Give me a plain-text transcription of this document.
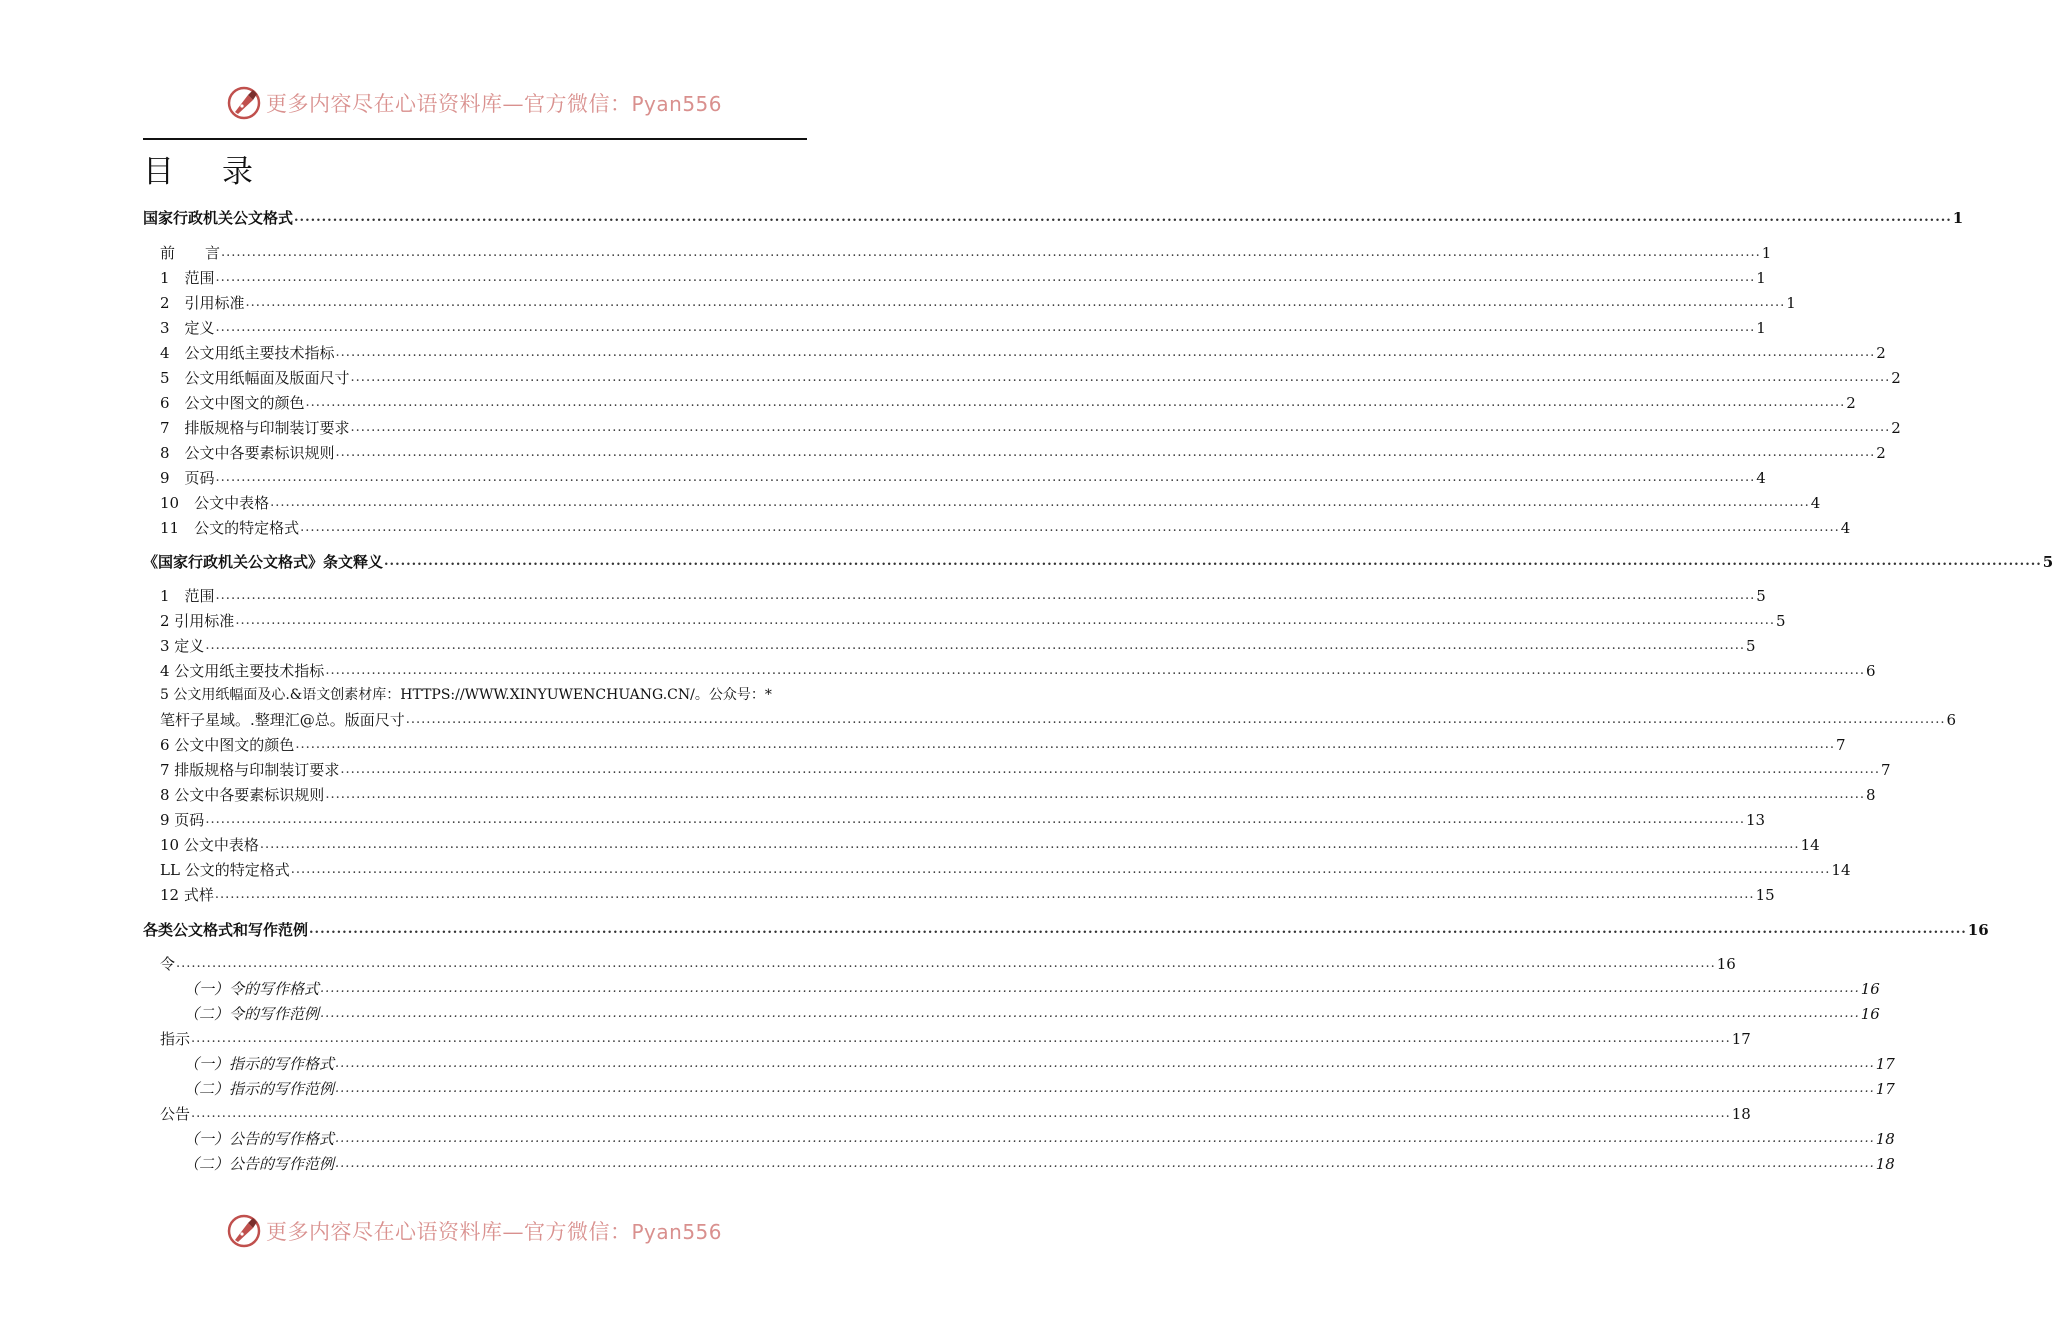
更多内容尽在心语资料库—官方微信：Pyan556
目 录
国家行政机关公文格式 ............................................................................................................................................................................................................................................................................................................ 1
前　　言 ............................................................................................................................................................................................................................................................................................................ 1
1　范围 ............................................................................................................................................................................................................................................................................................................ 1
2　引用标准 ............................................................................................................................................................................................................................................................................................................ 1
3　定义 ............................................................................................................................................................................................................................................................................................................ 1
4　公文用纸主要技术指标 ............................................................................................................................................................................................................................................................................................................ 2
5　公文用纸幅面及版面尺寸 ............................................................................................................................................................................................................................................................................................................ 2
6　公文中图文的颜色 ............................................................................................................................................................................................................................................................................................................ 2
7　排版规格与印制装订要求 ............................................................................................................................................................................................................................................................................................................ 2
8　公文中各要素标识规则 ............................................................................................................................................................................................................................................................................................................ 2
9　页码 ............................................................................................................................................................................................................................................................................................................ 4
10　公文中表格 ............................................................................................................................................................................................................................................................................................................ 4
11　公文的特定格式 ............................................................................................................................................................................................................................................................................................................ 4
《国家行政机关公文格式》条文释义 ............................................................................................................................................................................................................................................................................................................ 5
1　范围 ............................................................................................................................................................................................................................................................................................................ 5
2 引用标准 ............................................................................................................................................................................................................................................................................................................ 5
3 定义 ............................................................................................................................................................................................................................................................................................................ 5
4 公文用纸主要技术指标 ............................................................................................................................................................................................................................................................................................................ 6
5 公文用纸幅面及心.&语文创素材库：HTTPS://WWW.XINYUWENCHUANG.CN/。公众号：*
笔杆子星域。.整理汇@总。版面尺寸 ............................................................................................................................................................................................................................................................................................................ 6
6 公文中图文的颜色 ............................................................................................................................................................................................................................................................................................................ 7
7 排版规格与印制装订要求 ............................................................................................................................................................................................................................................................................................................ 7
8 公文中各要素标识规则 ............................................................................................................................................................................................................................................................................................................ 8
9 页码 ............................................................................................................................................................................................................................................................................................................ 13
10 公文中表格 ............................................................................................................................................................................................................................................................................................................ 14
LL 公文的特定格式 ............................................................................................................................................................................................................................................................................................................ 14
12 式样 ............................................................................................................................................................................................................................................................................................................ 15
各类公文格式和写作范例 ............................................................................................................................................................................................................................................................................................................ 16
令 ............................................................................................................................................................................................................................................................................................................ 16
（一）令的写作格式 ............................................................................................................................................................................................................................................................................................................ 16
（二）令的写作范例 ............................................................................................................................................................................................................................................................................................................ 16
指示 ............................................................................................................................................................................................................................................................................................................ 17
（一）指示的写作格式 ............................................................................................................................................................................................................................................................................................................ 17
（二）指示的写作范例 ............................................................................................................................................................................................................................................................................................................ 17
公告 ............................................................................................................................................................................................................................................................................................................ 18
（一）公告的写作格式 ............................................................................................................................................................................................................................................................................................................ 18
（二）公告的写作范例 ............................................................................................................................................................................................................................................................................................................ 18
更多内容尽在心语资料库—官方微信：Pyan556
